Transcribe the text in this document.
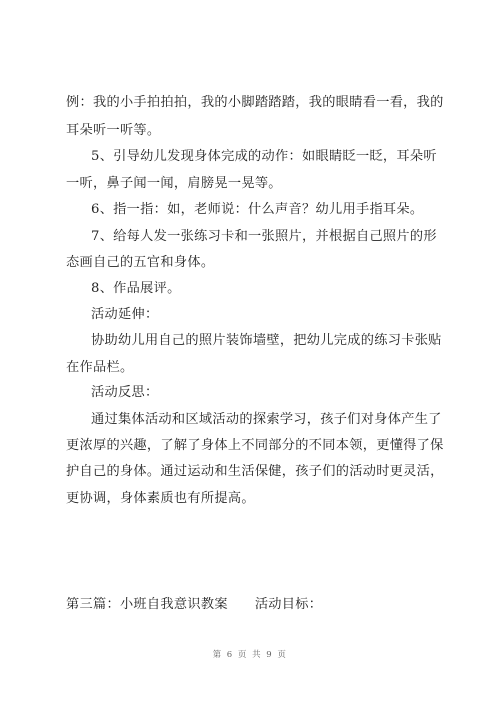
例：我的小手拍拍拍，我的小脚踏踏踏，我的眼睛看一看，我的
耳朵听一听等。
5、引导幼儿发现身体完成的动作：如眼睛眨一眨，耳朵听
一听，鼻子闻一闻，肩膀晃一晃等。
6、指一指：如，老师说：什么声音？幼儿用手指耳朵。
7、给每人发一张练习卡和一张照片，并根据自己照片的形
态画自己的五官和身体。
8、作品展评。
活动延伸：
协助幼儿用自己的照片装饰墙壁，把幼儿完成的练习卡张贴
在作品栏。
活动反思：
通过集体活动和区域活动的探索学习，孩子们对身体产生了
更浓厚的兴趣，了解了身体上不同部分的不同本领，更懂得了保
护自己的身体。通过运动和生活保健，孩子们的活动时更灵活，
更协调，身体素质也有所提高。
第三篇：小班自我意识教案　　活动目标：
第 6 页 共 9 页
